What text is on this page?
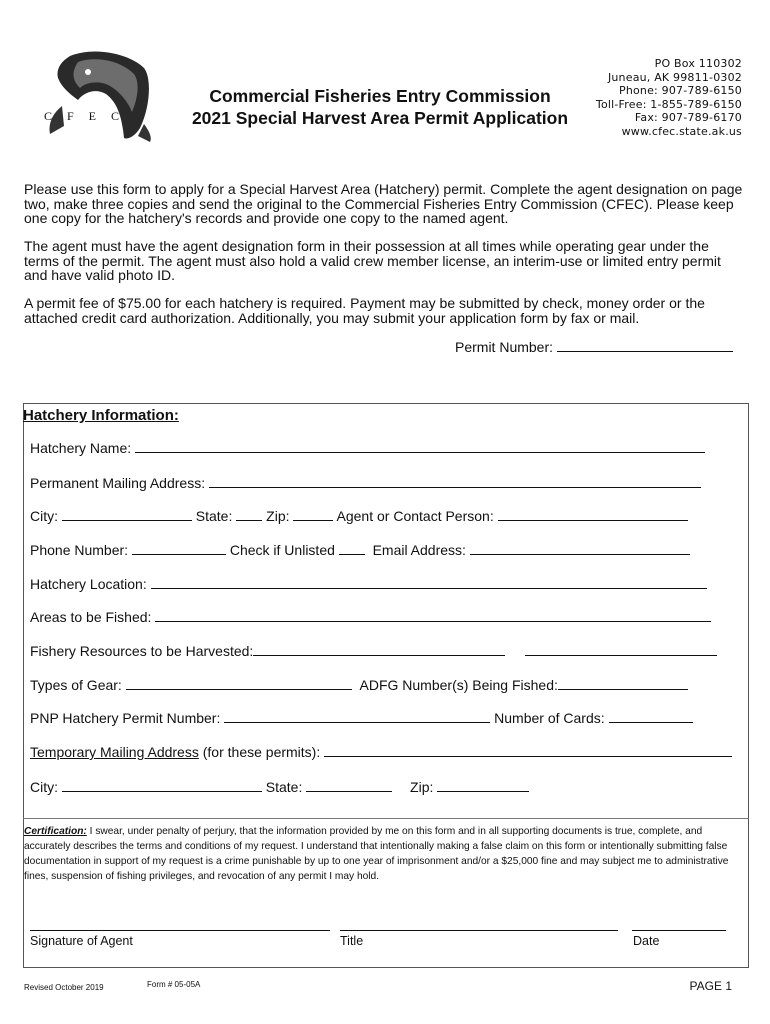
C F E C
Commercial Fisheries Entry Commission
2021 Special Harvest Area Permit Application
PO Box 110302
Juneau, AK 99811-0302
Phone: 907-789-6150
Toll-Free: 1-855-789-6150
Fax: 907-789-6170
www.cfec.state.ak.us
Please use this form to apply for a Special Harvest Area (Hatchery) permit. Complete the agent designation on page two, make three copies and send the original to the Commercial Fisheries Entry Commission (CFEC). Please keep one copy for the hatchery's records and provide one copy to the named agent.
The agent must have the agent designation form in their possession at all times while operating gear under the terms of the permit. The agent must also hold a valid crew member license, an interim-use or limited entry permit and have valid photo ID.
A permit fee of $75.00 for each hatchery is required. Payment may be submitted by check, money order or the attached credit card authorization. Additionally, you may submit your application form by fax or mail.
Permit Number:
Hatchery Information:
Hatchery Name:
Permanent Mailing Address:
City:	State: Zip:	Agent or Contact Person:
Phone Number:	Check if Unlisted	Email Address:
Hatchery Location:
Areas to be Fished:
Fishery Resources to be Harvested:
Types of Gear:	ADFG Number(s) Being Fished:
PNP Hatchery Permit Number:	Number of Cards:
Temporary Mailing Address (for these permits):
City:	State:	Zip:
Certification: I swear, under penalty of perjury, that the information provided by me on this form and in all supporting documents is true, complete, and accurately describes the terms and conditions of my request. I understand that intentionally making a false claim on this form or intentionally submitting false documentation in support of my request is a crime punishable by up to one year of imprisonment and/or a $25,000 fine and may subject me to administrative fines, suspension of fishing privileges, and revocation of any permit I may hold.
Signature of Agent	Title	Date
Revised October 2019	Form # 05-05A	PAGE 1
